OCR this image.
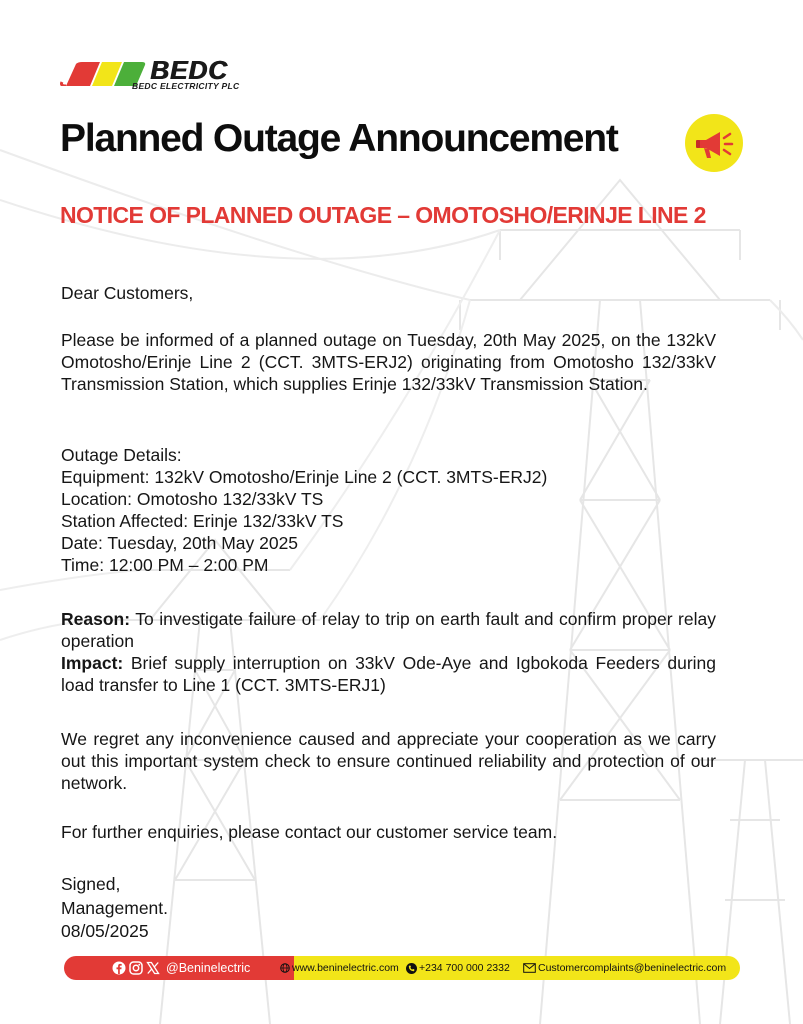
BEDC
BEDC ELECTRICITY PLC
Planned Outage Announcement
NOTICE OF PLANNED OUTAGE – OMOTOSHO/ERINJE LINE 2
Dear Customers,
Please be informed of a planned outage on Tuesday, 20th May 2025, on the 132kV Omotosho/Erinje Line 2 (CCT. 3MTS-ERJ2) originating from Omotosho 132/33kV Transmission Station, which supplies Erinje 132/33kV Transmission Station.
Outage Details:
Equipment: 132kV Omotosho/Erinje Line 2 (CCT. 3MTS-ERJ2)
Location: Omotosho 132/33kV TS
Station Affected: Erinje 132/33kV TS
Date: Tuesday, 20th May 2025
Time: 12:00 PM – 2:00 PM
Reason: To investigate failure of relay to trip on earth fault and confirm proper relay operation
Impact: Brief supply interruption on 33kV Ode-Aye and Igbokoda Feeders during load transfer to Line 1 (CCT. 3MTS-ERJ1)
We regret any inconvenience caused and appreciate your cooperation as we carry out this important system check to ensure continued reliability and protection of our network.
For further enquiries, please contact our customer service team.
Signed,
Management.
08/05/2025
@Beninelectric	www.beninelectric.com +234 700 000 2332	Customercomplaints@beninelectric.com
